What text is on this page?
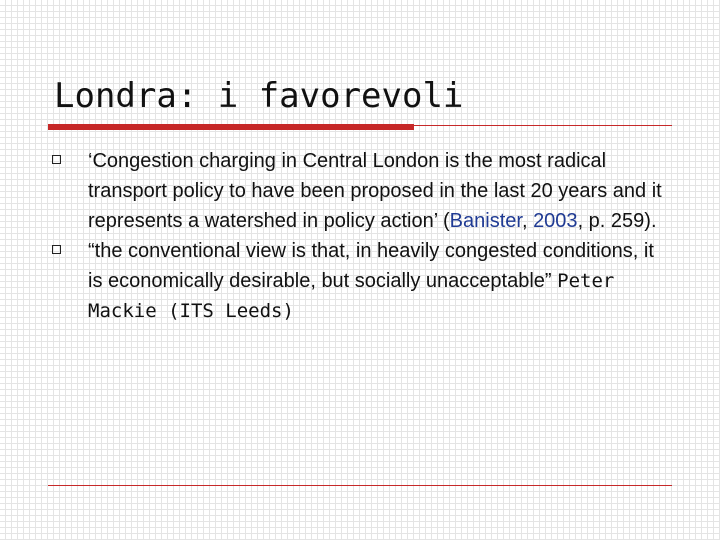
Londra: i favorevoli
‘Congestion charging in Central London is the most radical transport policy to have been proposed in the last 20 years and it represents a watershed in policy action’ (Banister, 2003, p. 259).
“the conventional view is that, in heavily congested conditions, it is economically desirable, but socially unacceptable” Peter Mackie (ITS Leeds)
